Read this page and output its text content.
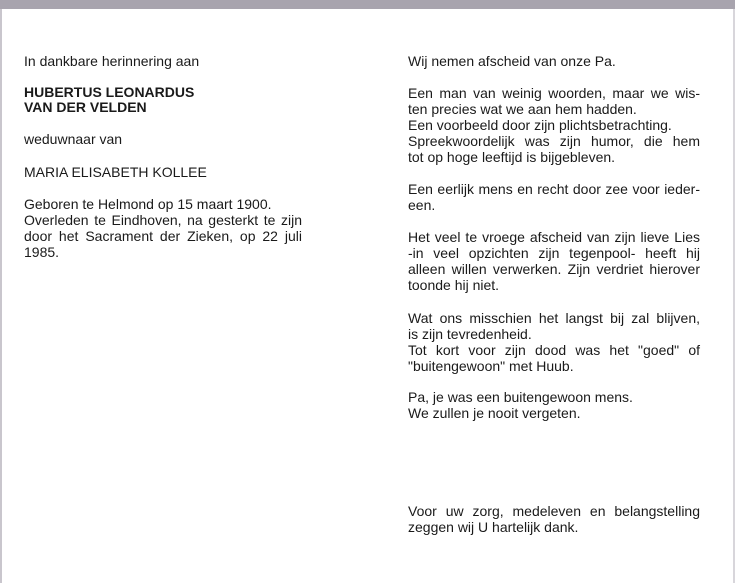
In dankbare herinnering aan

HUBERTUS LEONARDUS

VAN DER VELDEN

weduwnaar van

MARIA ELISABETH KOLLEE

Geboren te Helmond op 15 maart 1900.
Overleden te Eindhoven, na gesterkt te zijn
door het Sacrament der Zieken, op 22 juli
1985.

Wij nemen afscheid van onze Pa.

Een man van weinig woorden, maar we wis-
ten precies wat we aan hem hadden.
Een voorbeeld door zijn plichtsbetrachting.
Spreekwoordelijk was zijn humor, die hem
tot op hoge leeftijd is bijgebleven.
Een eerlijk mens en recht door zee voor ieder-
een.
Het veel te vroege afscheid van zijn lieve Lies
-in veel opzichten zijn tegenpool- heeft hij
alleen willen verwerken. Zijn verdriet hierover
toonde hij niet.
Wat ons misschien het langst bij zal blijven,
is zijn tevredenheid.
Tot kort voor zijn dood was het "goed" of
"buitengewoon" met Huub.
Pa, je was een buitengewoon mens.
We zullen je nooit vergeten.
Voor uw zorg, medeleven en belangstelling
zeggen wij U hartelijk dank.
